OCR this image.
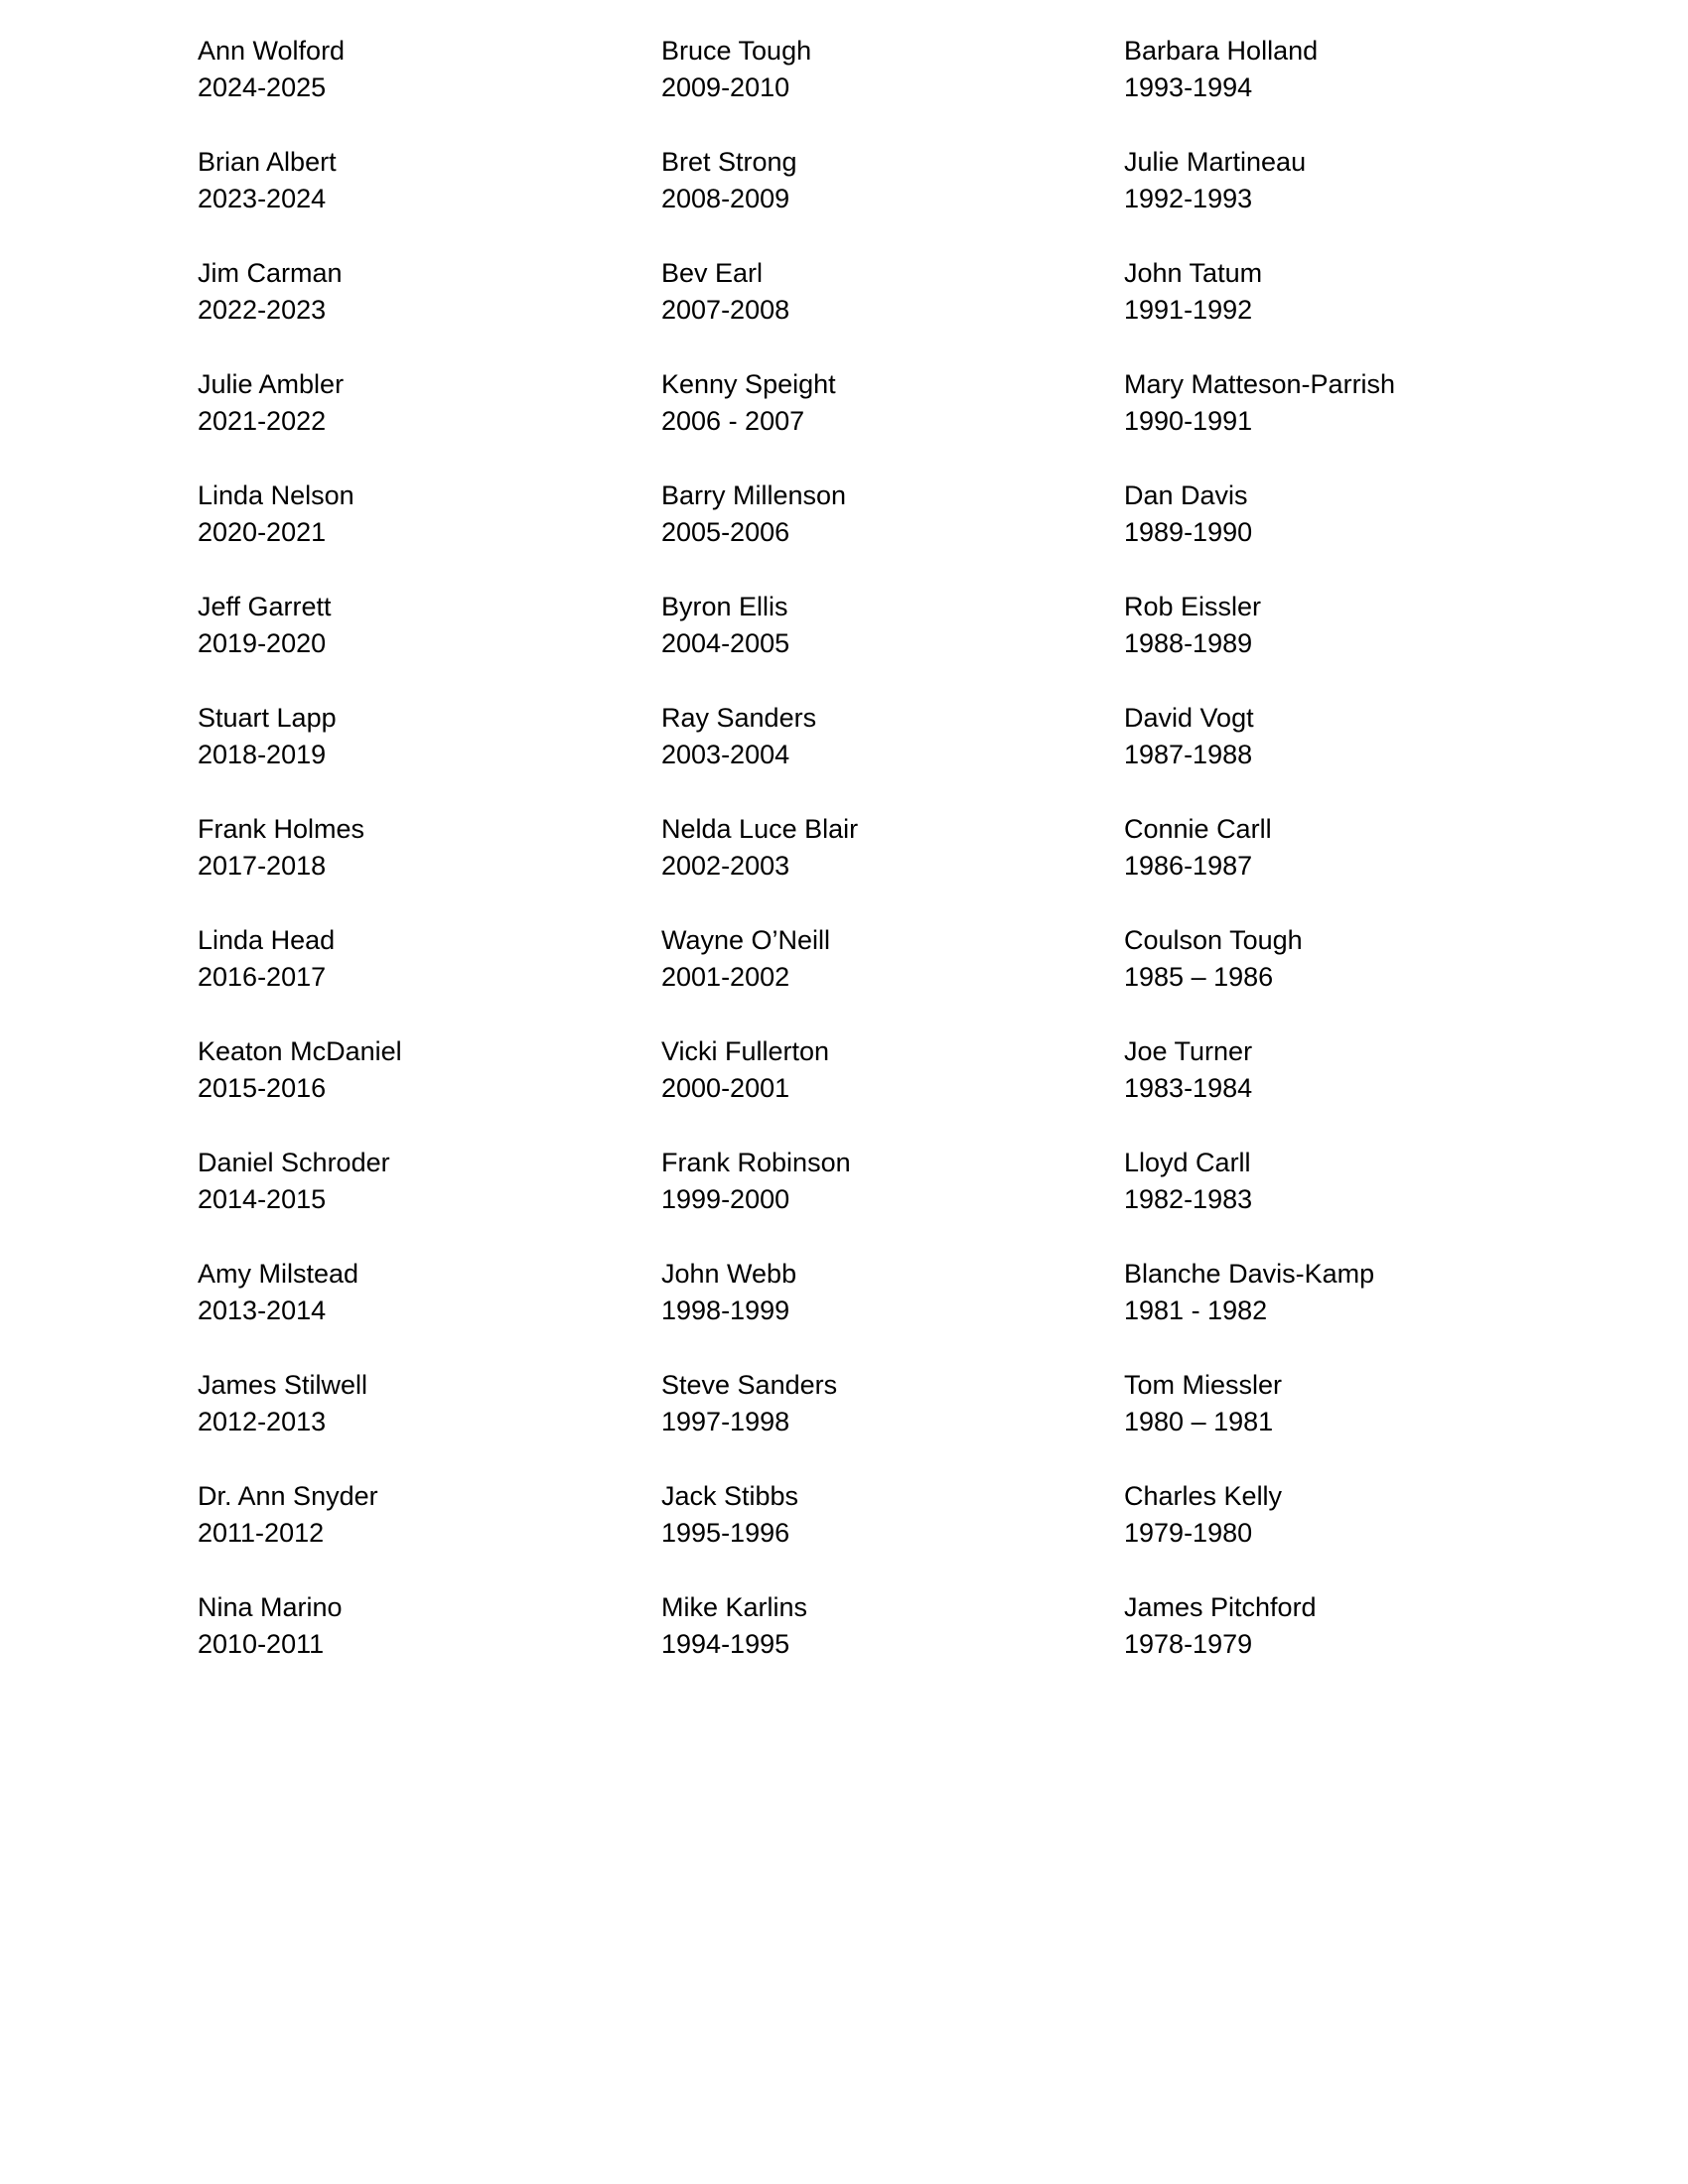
Ann Wolford
2024-2025
Brian Albert
2023-2024
Jim Carman
2022-2023
Julie Ambler
2021-2022
Linda Nelson
2020-2021
Jeff Garrett
2019-2020
Stuart Lapp
2018-2019
Frank Holmes
2017-2018
Linda Head
2016-2017
Keaton McDaniel
2015-2016
Daniel Schroder
2014-2015
Amy Milstead
2013-2014
James Stilwell
2012-2013
Dr. Ann Snyder
2011-2012
Nina Marino
2010-2011
Bruce Tough
2009-2010
Bret Strong
2008-2009
Bev Earl
2007-2008
Kenny Speight
2006 - 2007
Barry Millenson
2005-2006
Byron Ellis
2004-2005
Ray Sanders
2003-2004
Nelda Luce Blair
2002-2003
Wayne O’Neill
2001-2002
Vicki Fullerton
2000-2001
Frank Robinson
1999-2000
John Webb
1998-1999
Steve Sanders
1997-1998
Jack Stibbs
1995-1996
Mike Karlins
1994-1995
Barbara Holland
1993-1994
Julie Martineau
1992-1993
John Tatum
1991-1992
Mary Matteson-Parrish
1990-1991
Dan Davis
1989-1990
Rob Eissler
1988-1989
David Vogt
1987-1988
Connie Carll
1986-1987
Coulson Tough
1985 – 1986
Joe Turner
1983-1984
Lloyd Carll
1982-1983
Blanche Davis-Kamp
1981 - 1982
Tom Miessler
1980 – 1981
Charles Kelly
1979-1980
James Pitchford
1978-1979
